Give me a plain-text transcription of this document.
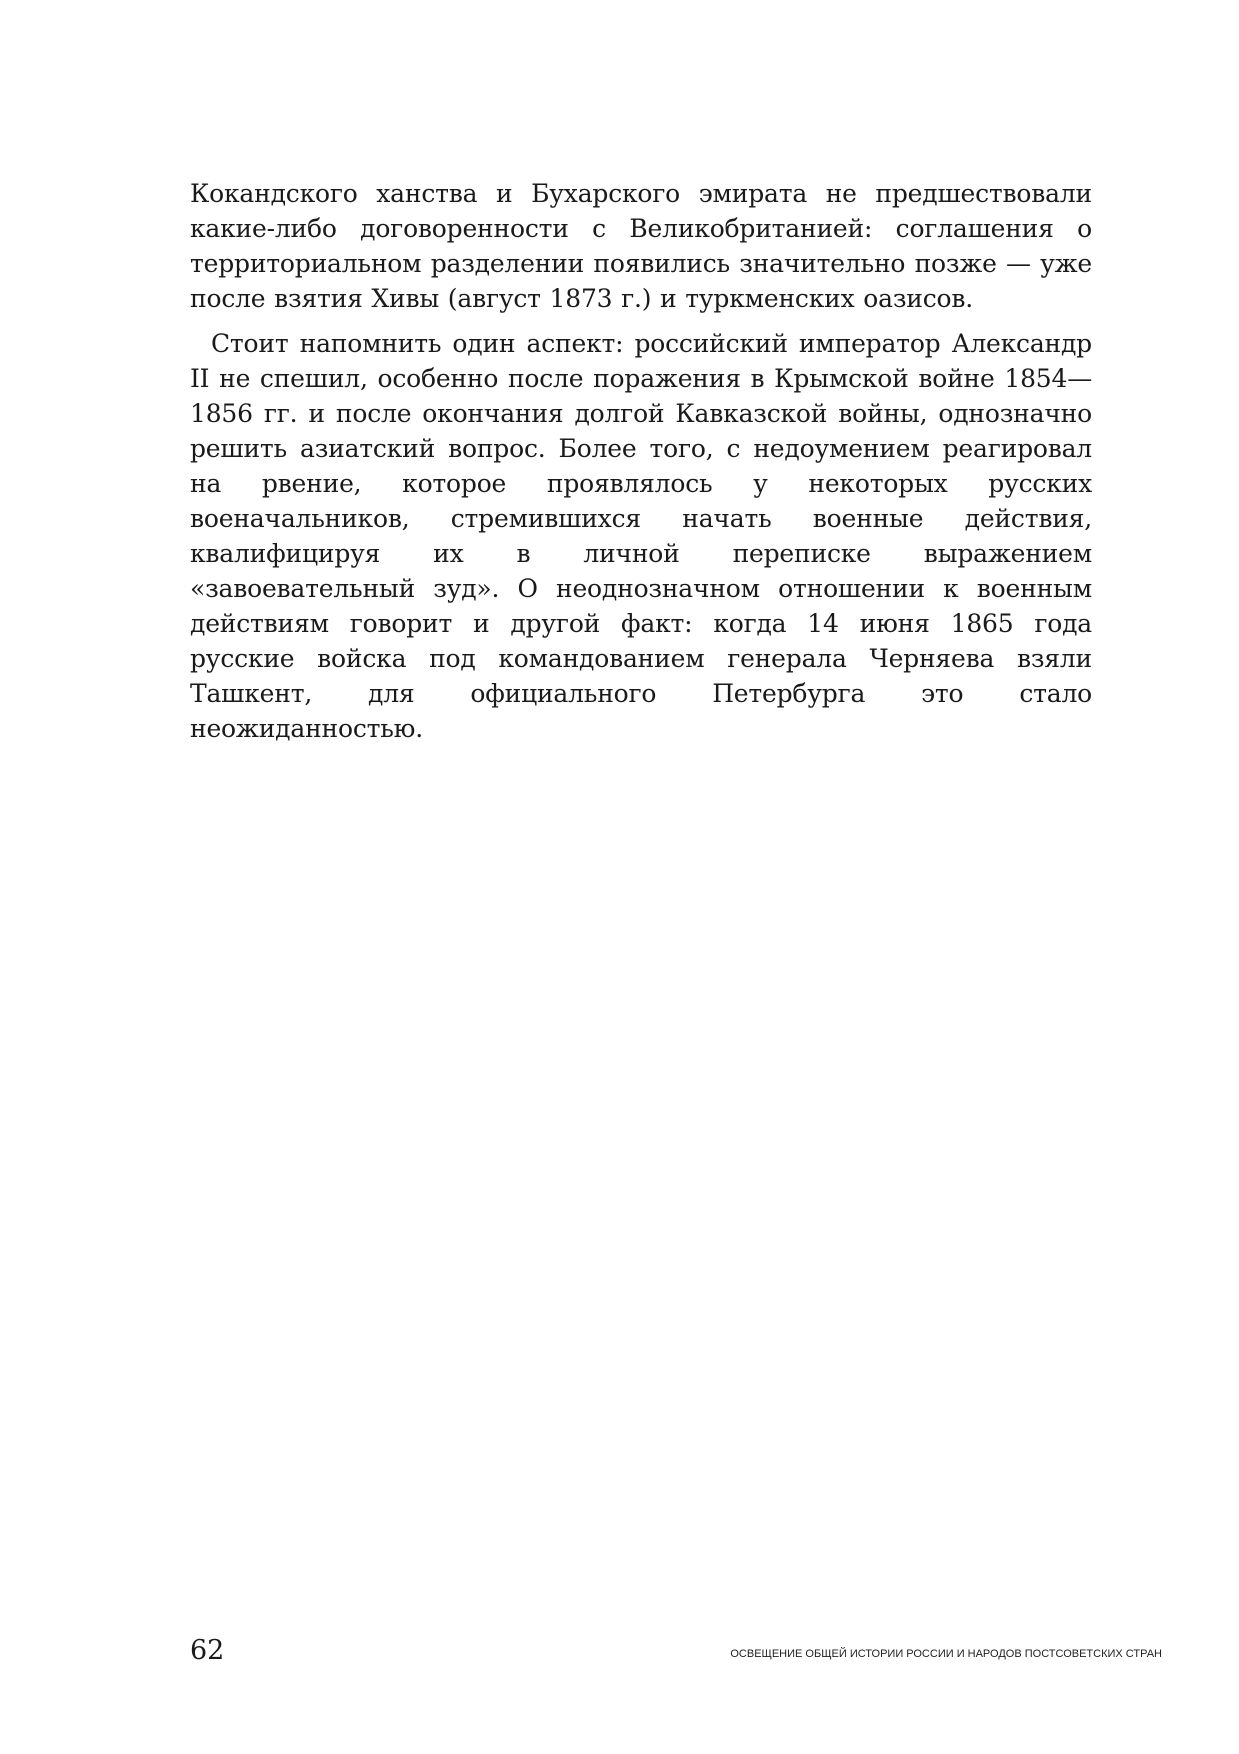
Кокандского ханства и Бухарского эмирата не предшествовали какие-либо договоренности с Великобританией: соглашения о территориальном разделении появились значительно позже — уже после взятия Хивы (август 1873 г.) и туркменских оазисов.

Стоит напомнить один аспект: российский император Александр II не спешил, особенно после поражения в Крымской войне 1854—1856 гг. и после окончания долгой Кавказской войны, однозначно решить азиатский вопрос. Более того, с недоумением реагировал на рвение, которое проявлялось у некоторых русских военачальников, стремившихся начать военные действия, квалифицируя их в личной переписке выражением «завоевательный зуд». О неоднозначном отношении к военным действиям говорит и другой факт: когда 14 июня 1865 года русские войска под командованием генерала Черняева взяли Ташкент, для официального Петербурга это стало неожиданностью.

62	ОСВЕЩЕНИЕ ОБЩЕЙ ИСТОРИИ РОССИИ И НАРОДОВ ПОСТСОВЕТСКИХ СТРАН
